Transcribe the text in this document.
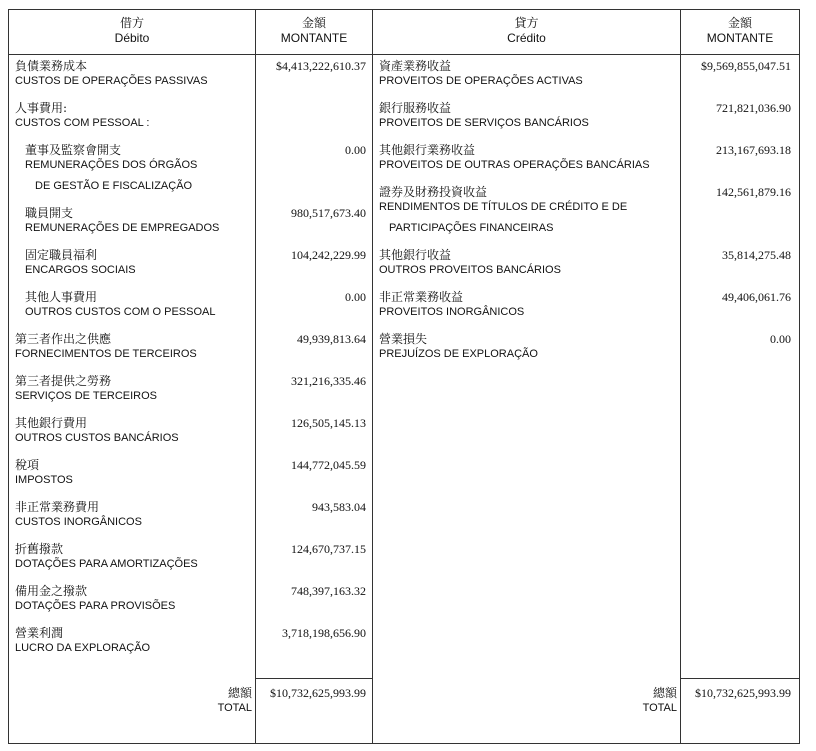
借方
Débito
金額
MONTANTE
貸方
Crédito
金額
MONTANTE
負債業務成本
CUSTOS DE OPERAÇÕES PASSIVAS
$4,413,222,610.37
人事費用:
CUSTOS COM PESSOAL :
董事及監察會開支
REMUNERAÇÕES DOS ÓRGÃOS
DE GESTÃO E FISCALIZAÇÃO
0.00
職員開支
REMUNERAÇÕES DE EMPREGADOS
980,517,673.40
固定職員福利
ENCARGOS SOCIAIS
104,242,229.99
其他人事費用
OUTROS CUSTOS COM O PESSOAL
0.00
第三者作出之供應
FORNECIMENTOS DE TERCEIROS
49,939,813.64
第三者提供之勞務
SERVIÇOS DE TERCEIROS
321,216,335.46
其他銀行費用
OUTROS CUSTOS BANCÁRIOS
126,505,145.13
稅項
IMPOSTOS
144,772,045.59
非正常業務費用
CUSTOS INORGÂNICOS
943,583.04
折舊撥款
DOTAÇÕES PARA AMORTIZAÇÕES
124,670,737.15
備用金之撥款
DOTAÇÕES PARA PROVISÕES
748,397,163.32
營業利潤
LUCRO DA EXPLORAÇÃO
3,718,198,656.90
資產業務收益
PROVEITOS DE OPERAÇÕES ACTIVAS
$9,569,855,047.51
銀行服務收益
PROVEITOS DE SERVIÇOS BANCÁRIOS
721,821,036.90
其他銀行業務收益
PROVEITOS DE OUTRAS OPERAÇÕES BANCÁRIAS
213,167,693.18
證券及財務投資收益
RENDIMENTOS DE TÍTULOS DE CRÉDITO E DE
PARTICIPAÇÕES FINANCEIRAS
142,561,879.16
其他銀行收益
OUTROS PROVEITOS BANCÁRIOS
35,814,275.48
非正常業務收益
PROVEITOS INORGÂNICOS
49,406,061.76
營業損失
PREJUÍZOS DE EXPLORAÇÃO
0.00
總額
TOTAL
$10,732,625,993.99	總額
TOTAL
$10,732,625,993.99
